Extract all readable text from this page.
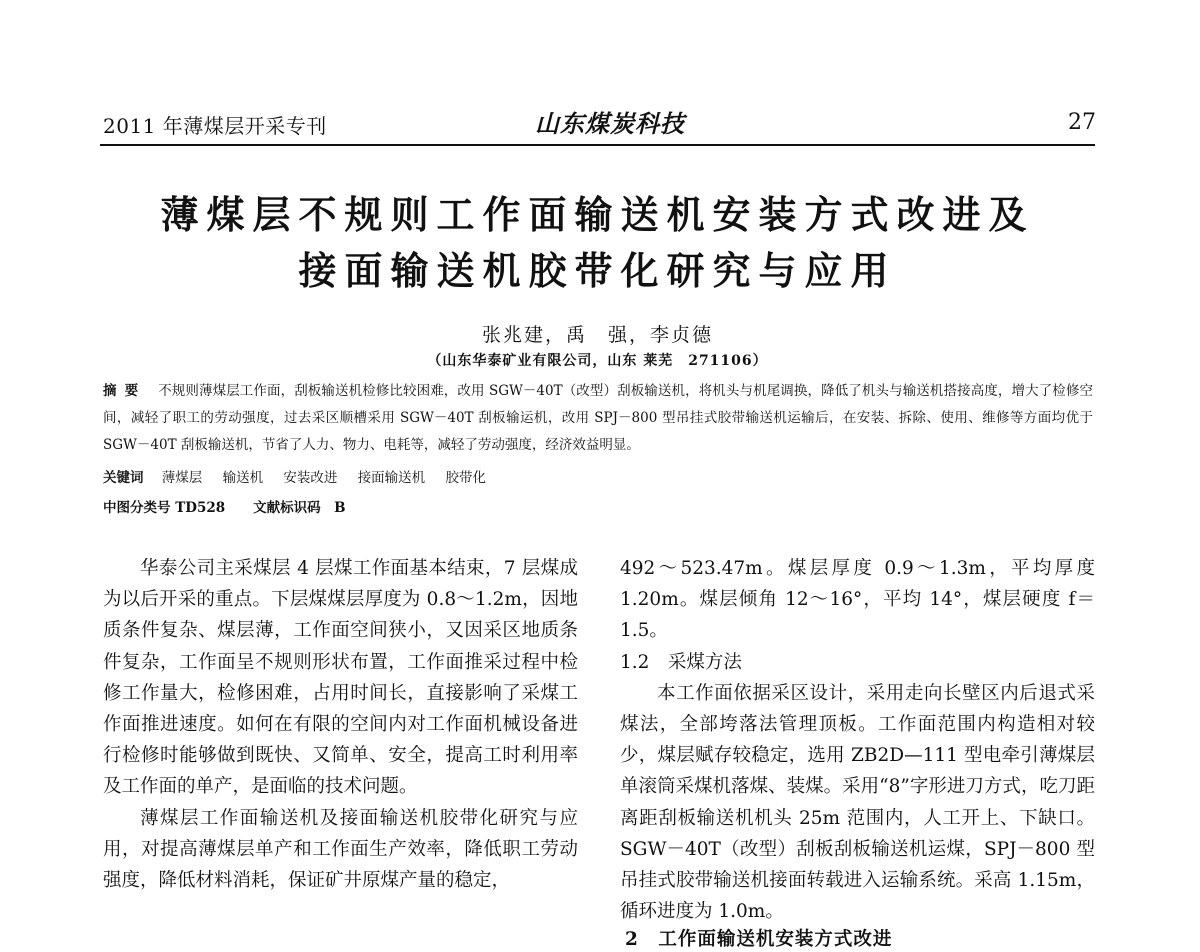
2011 年薄煤层开采专刊	山东煤炭科技	27
薄煤层不规则工作面输送机安装方式改进及
接面输送机胶带化研究与应用
张兆建，禹　强，李贞德
（山东华泰矿业有限公司，山东 莱芜　271106）
摘要 不规则薄煤层工作面，刮板输送机检修比较困难，改用 SGW－40T（改型）刮板输送机，将机头与机尾调换，降低了机头与输送机搭接高度，增大了检修空间，减轻了职工的劳动强度，过去采区顺槽采用 SGW－40T 刮板输运机，改用 SPJ－800 型吊挂式胶带输送机运输后，在安装、拆除、使用、维修等方面均优于 SGW－40T 刮板输送机，节省了人力、物力、电耗等，减轻了劳动强度，经济效益明显。
关键词 薄煤层 输送机 安装改进 接面输送机 胶带化
中图分类号 TD528 文献标识码　B

华泰公司主采煤层 4 层煤工作面基本结束，7 层煤成为以后开采的重点。下层煤煤层厚度为 0.8～1.2m，因地质条件复杂、煤层薄，工作面空间狭小，又因采区地质条件复杂，工作面呈不规则形状布置，工作面推采过程中检修工作量大，检修困难，占用时间长，直接影响了采煤工作面推进速度。如何在有限的空间内对工作面机械设备进行检修时能够做到既快、又简单、安全，提高工时利用率及工作面的单产，是面临的技术问题。

薄煤层工作面输送机及接面输送机胶带化研究与应用，对提高薄煤层单产和工作面生产效率，降低职工劳动强度，降低材料消耗，保证矿井原煤产量的稳定，

492～523.47m。煤层厚度 0.9～1.3m，平均厚度 1.20m。煤层倾角 12～16°，平均 14°，煤层硬度 f＝1.5。

1.2　采煤方法

本工作面依据采区设计，采用走向长壁区内后退式采煤法，全部垮落法管理顶板。工作面范围内构造相对较少，煤层赋存较稳定，选用 ZB2D—111 型电牵引薄煤层单滚筒采煤机落煤、装煤。采用“8”字形进刀方式，吃刀距离距刮板输送机机头 25m 范围内，人工开上、下缺口。SGW－40T（改型）刮板刮板输送机运煤，SPJ－800 型吊挂式胶带输送机接面转载进入运输系统。采高 1.15m，循环进度为 1.0m。

2　工作面输送机安装方式改进
